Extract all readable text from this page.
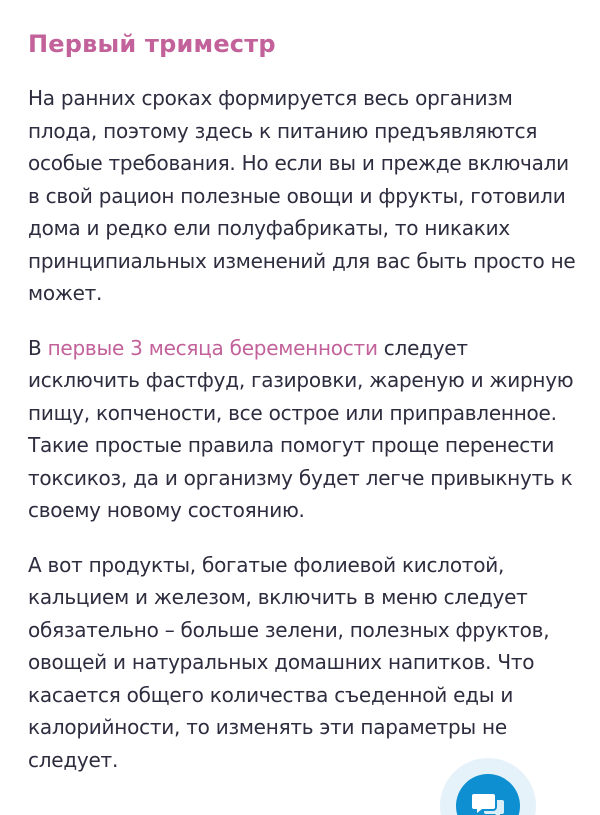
Первый триместр

На ранних сроках формируется весь организм плода, поэтому здесь к питанию предъявляются особые требования. Но если вы и прежде включали в свой рацион полезные овощи и фрукты, готовили дома и редко ели полуфабрикаты, то никаких принципиальных изменений для вас быть просто не может.

В первые 3 месяца беременности следует исключить фастфуд, газировки, жареную и жирную пищу, копчености, все острое или приправленное. Такие простые правила помогут проще перенести токсикоз, да и организму будет легче привыкнуть к своему новому состоянию.

А вот продукты, богатые фолиевой кислотой, кальцием и железом, включить в меню следует обязательно – больше зелени, полезных фруктов, овощей и натуральных домашних напитков. Что касается общего количества съеденной еды и калорийности, то изменять эти параметры не следует.
